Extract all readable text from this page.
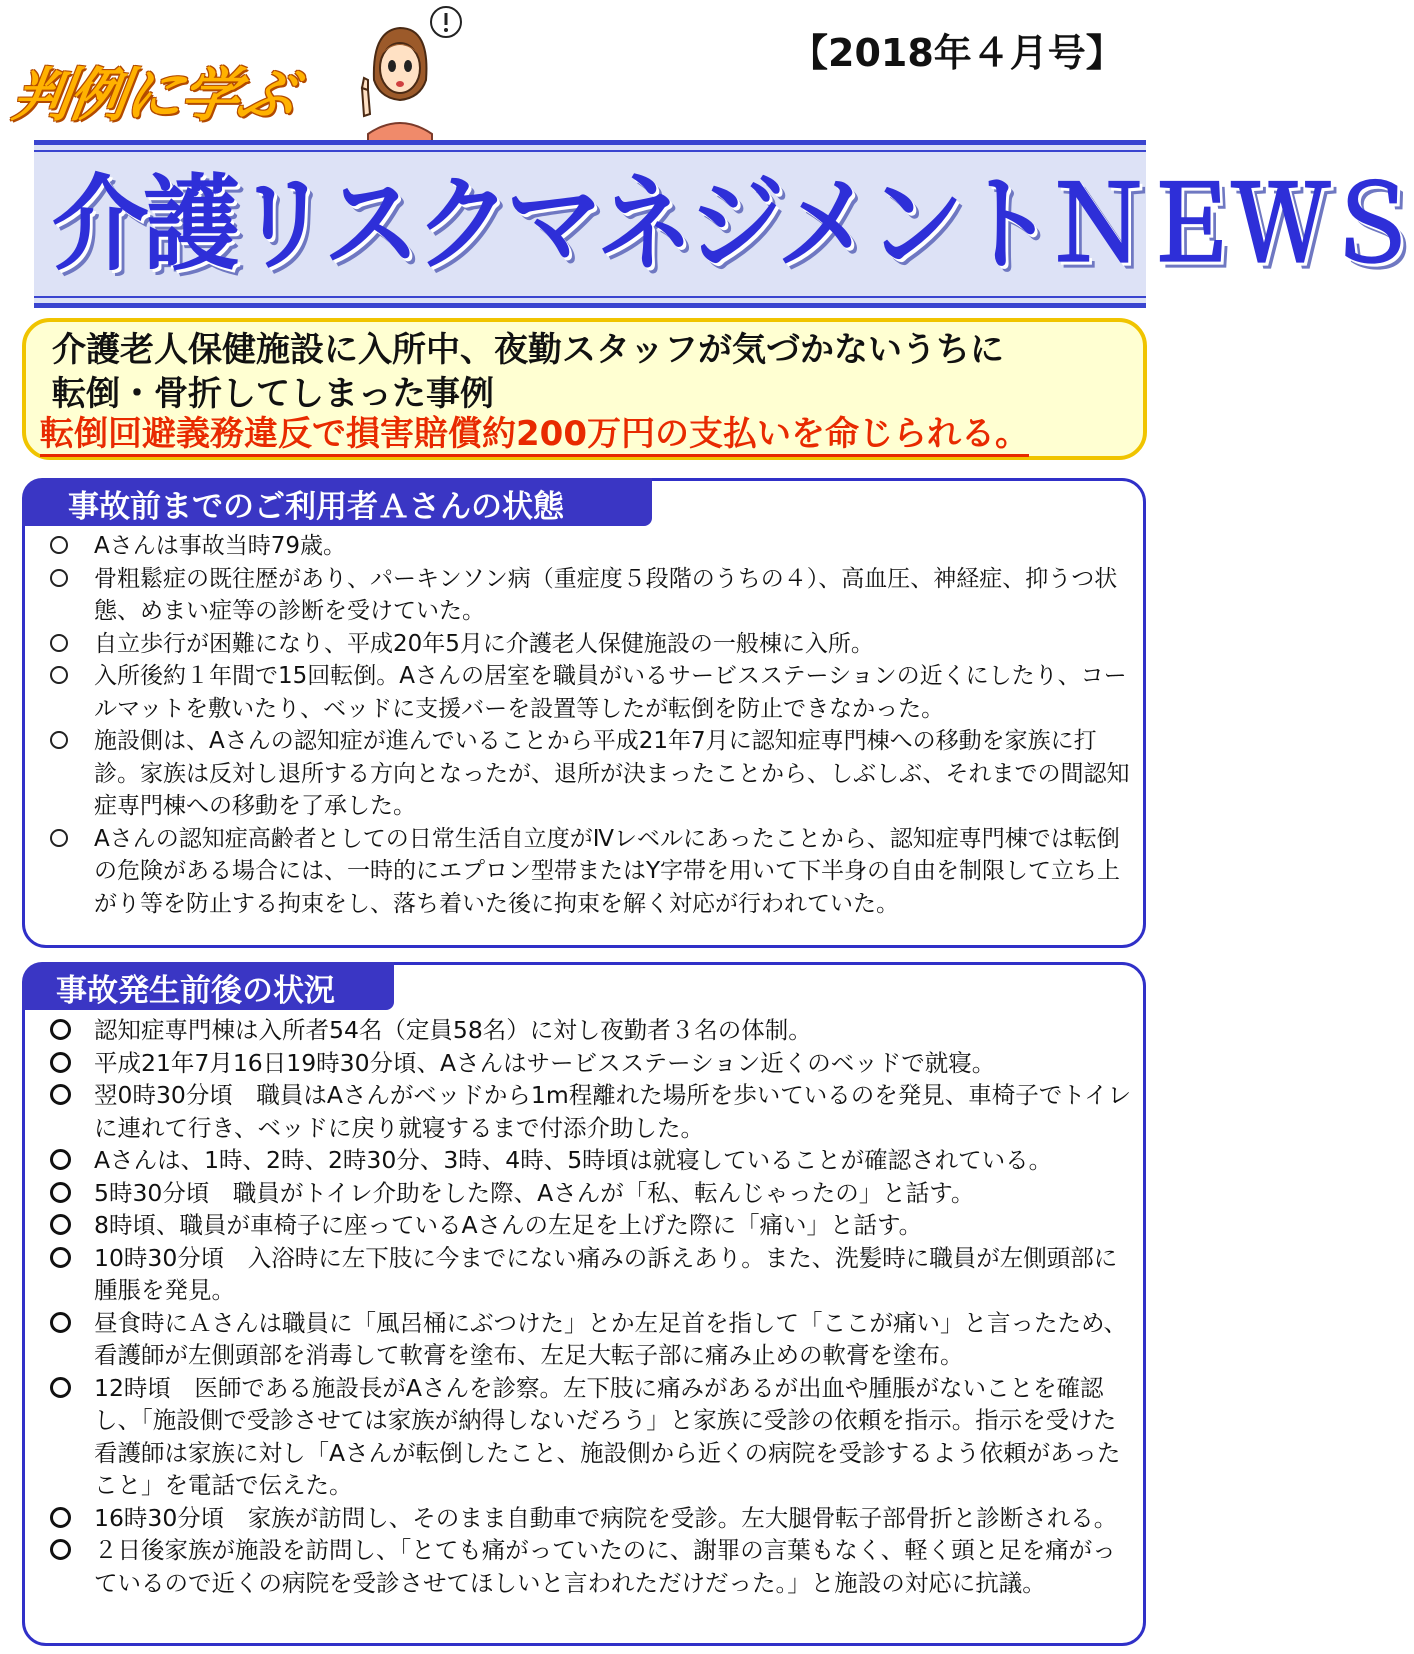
【2018年４月号】
判例に学ぶ
介護リスクマネジメントＮＥＷＳ
介護老人保健施設に入所中、夜勤スタッフが気づかないうちに
転倒・骨折してしまった事例
転倒回避義務違反で損害賠償約200万円の支払いを命じられる。
事故前までのご利用者Ａさんの状態
Aさんは事故当時79歳。
骨粗鬆症の既往歴があり、パーキンソン病（重症度５段階のうちの４）、高血圧、神経症、抑うつ状態、めまい症等の診断を受けていた。
自立歩行が困難になり、平成20年5月に介護老人保健施設の一般棟に入所。
入所後約１年間で15回転倒。Aさんの居室を職員がいるサービスステーションの近くにしたり、コールマットを敷いたり、ベッドに支援バーを設置等したが転倒を防止できなかった。
施設側は、Aさんの認知症が進んでいることから平成21年7月に認知症専門棟への移動を家族に打診。家族は反対し退所する方向となったが、退所が決まったことから、しぶしぶ、それまでの間認知症専門棟への移動を了承した。
Aさんの認知症高齢者としての日常生活自立度がⅣレベルにあったことから、認知症専門棟では転倒の危険がある場合には、一時的にエプロン型帯またはY字帯を用いて下半身の自由を制限して立ち上がり等を防止する拘束をし、落ち着いた後に拘束を解く対応が行われていた。
事故発生前後の状況
認知症専門棟は入所者54名（定員58名）に対し夜勤者３名の体制。
平成21年7月16日19時30分頃、Aさんはサービスステーション近くのベッドで就寝。
翌0時30分頃　職員はAさんがベッドから1m程離れた場所を歩いているのを発見、車椅子でトイレに連れて行き、ベッドに戻り就寝するまで付添介助した。
Aさんは、1時、2時、2時30分、3時、4時、5時頃は就寝していることが確認されている。
5時30分頃　職員がトイレ介助をした際、Aさんが「私、転んじゃったの」と話す。
8時頃、職員が車椅子に座っているAさんの左足を上げた際に「痛い」と話す。
10時30分頃　入浴時に左下肢に今までにない痛みの訴えあり。また、洗髪時に職員が左側頭部に腫脹を発見。
昼食時にＡさんは職員に「風呂桶にぶつけた」とか左足首を指して「ここが痛い」と言ったため、看護師が左側頭部を消毒して軟膏を塗布、左足大転子部に痛み止めの軟膏を塗布。
12時頃　医師である施設長がAさんを診察。左下肢に痛みがあるが出血や腫脹がないことを確認し、「施設側で受診させては家族が納得しないだろう」と家族に受診の依頼を指示。指示を受けた看護師は家族に対し「Aさんが転倒したこと、施設側から近くの病院を受診するよう依頼があったこと」を電話で伝えた。
16時30分頃　家族が訪問し、そのまま自動車で病院を受診。左大腿骨転子部骨折と診断される。
２日後家族が施設を訪問し、「とても痛がっていたのに、謝罪の言葉もなく、軽く頭と足を痛がっているので近くの病院を受診させてほしいと言われただけだった。」と施設の対応に抗議。
